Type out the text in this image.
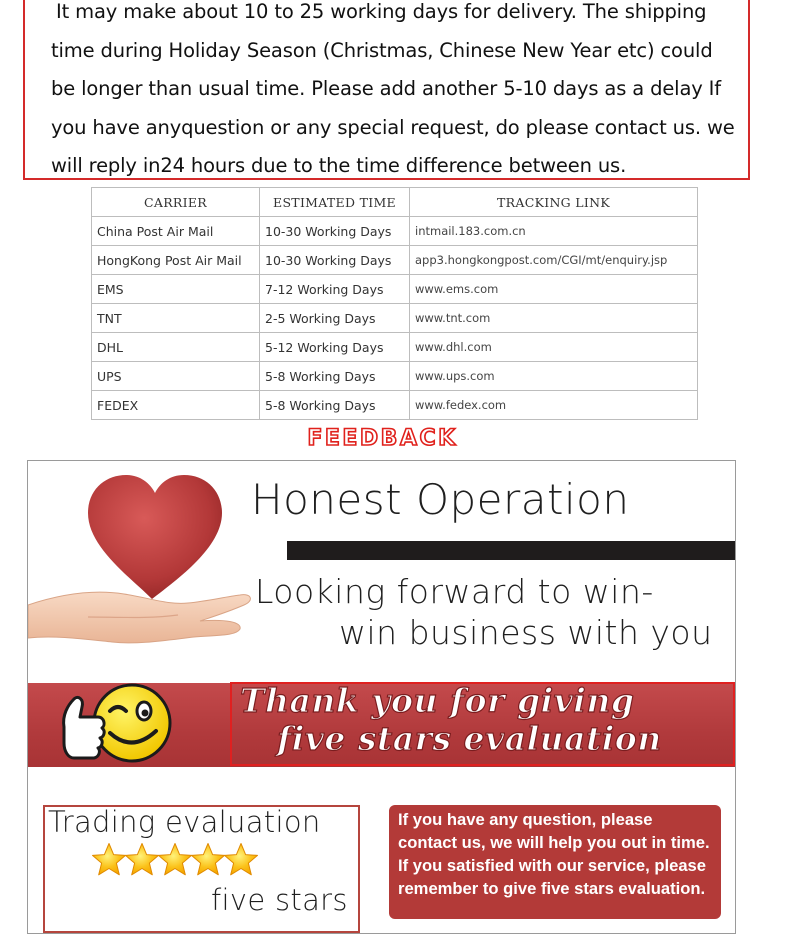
It may make about 10 to 25 working days for delivery. The shipping
time during Holiday Season (Christmas, Chinese New Year etc) could
be longer than usual time. Please add another 5-10 days as a delay If
you have anyquestion or any special request, do please contact us. we
will reply in24 hours due to the time difference between us.
CARRIER	ESTIMATED TIME	TRACKING LINK
China Post Air Mail	10-30 Working Days	intmail.183.com.cn
HongKong Post Air Mail	10-30 Working Days	app3.hongkongpost.com/CGI/mt/enquiry.jsp
EMS	7-12 Working Days	www.ems.com
TNT	2-5 Working Days	www.tnt.com
DHL	5-12 Working Days	www.dhl.com
UPS	5-8 Working Days	www.ups.com
FEDEX	5-8 Working Days	www.fedex.com
FEEDBACK
Honest Operation
Looking forward to win-
win business with you
Thank you for giving
five stars evaluation
Trading evaluation
five stars
If you have any question, please contact us, we will help you out in time. If you satisfied with our service, please remember to give five stars evaluation.
